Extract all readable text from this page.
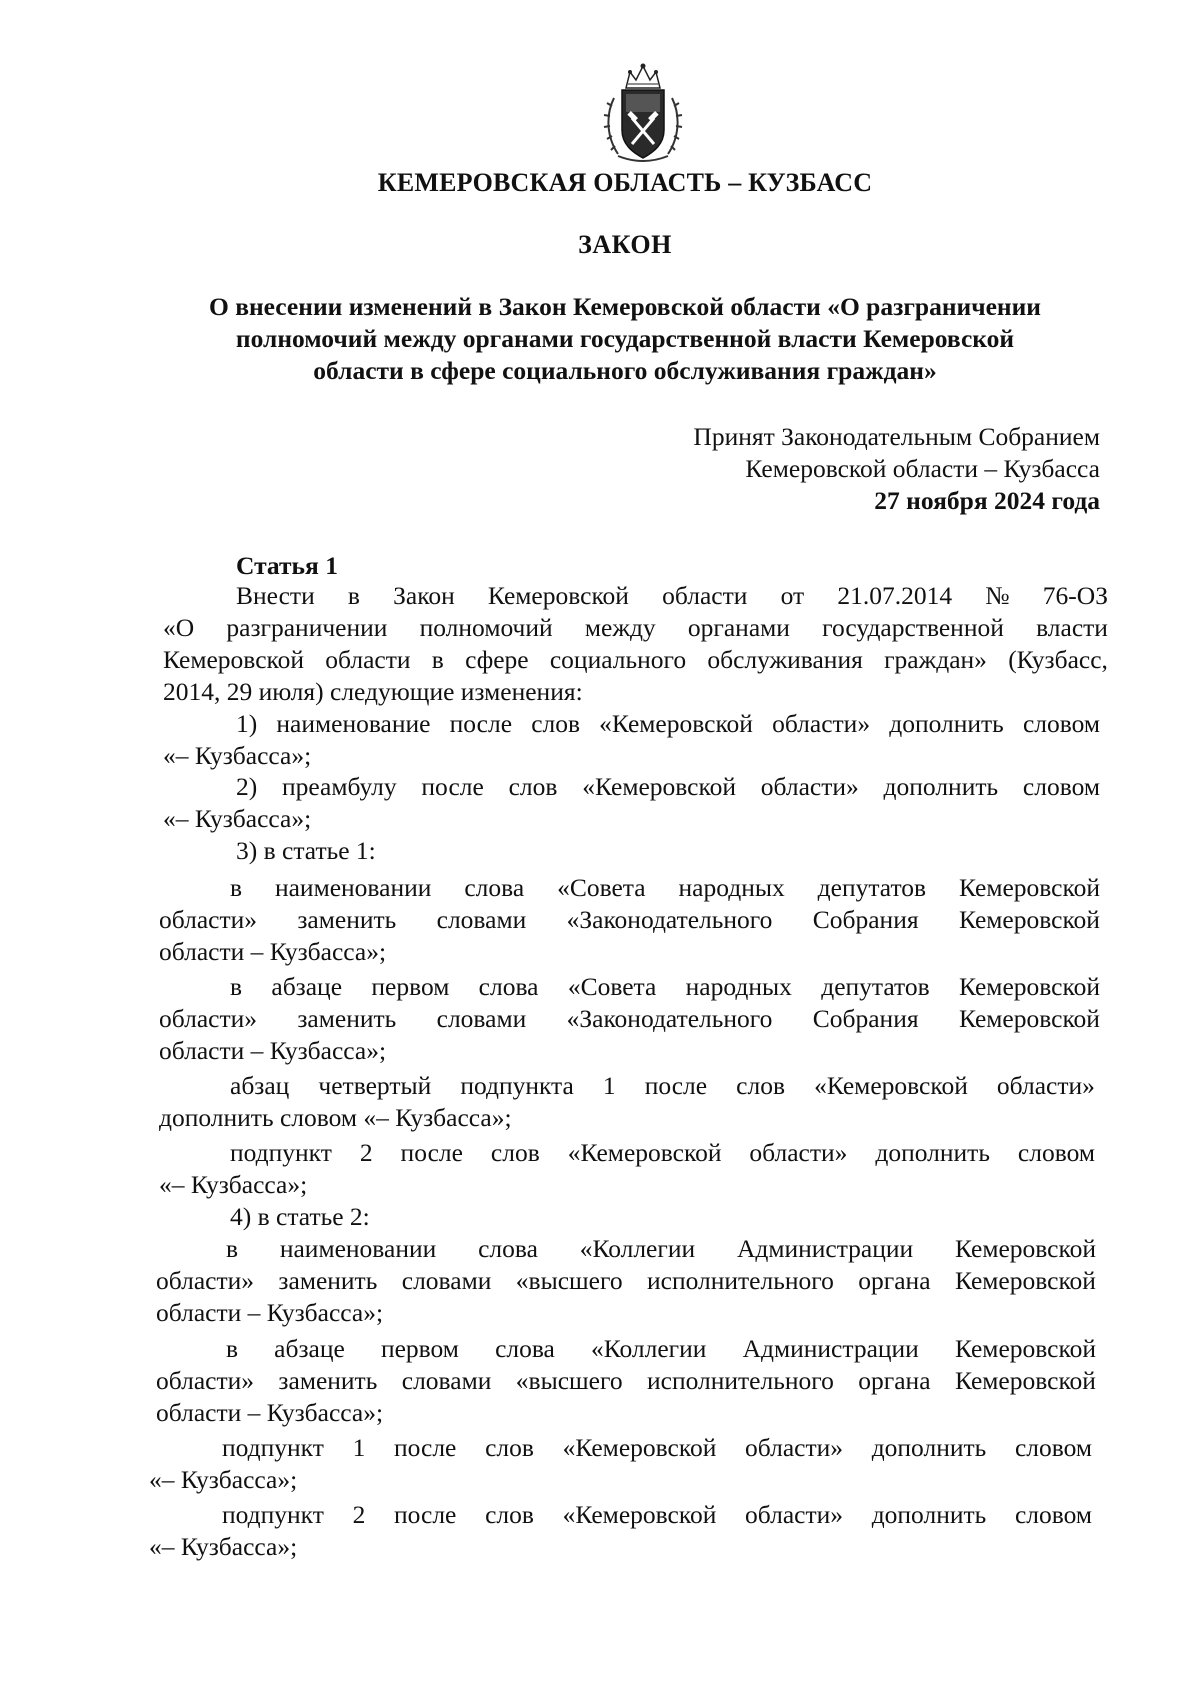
КЕМЕРОВСКАЯ ОБЛАСТЬ – КУЗБАСС
ЗАКОН
О внесении изменений в Закон Кемеровской области «О разграничении
полномочий между органами государственной власти Кемеровской
области в сфере социального обслуживания граждан»
Принят Законодательным Собранием
Кемеровской области – Кузбасса
27 ноября 2024 года
Статья 1
Внести в Закон Кемеровской области от 21.07.2014 № 76-ОЗ
«О разграничении полномочий между органами государственной власти
Кемеровской области в сфере социального обслуживания граждан» (Кузбасс,
2014, 29 июля) следующие изменения:
1) наименование после слов «Кемеровской области» дополнить словом
«– Кузбасса»;
2) преамбулу после слов «Кемеровской области» дополнить словом
«– Кузбасса»;
3) в статье 1:
в наименовании слова «Совета народных депутатов Кемеровской
области» заменить словами «Законодательного Собрания Кемеровской
области – Кузбасса»;
в абзаце первом слова «Совета народных депутатов Кемеровской
области» заменить словами «Законодательного Собрания Кемеровской
области – Кузбасса»;
абзац четвертый подпункта 1 после слов «Кемеровской области»
дополнить словом «– Кузбасса»;
подпункт 2 после слов «Кемеровской области» дополнить словом
«– Кузбасса»;
4) в статье 2:
в наименовании слова «Коллегии Администрации Кемеровской
области» заменить словами «высшего исполнительного органа Кемеровской
области – Кузбасса»;
в абзаце первом слова «Коллегии Администрации Кемеровской
области» заменить словами «высшего исполнительного органа Кемеровской
области – Кузбасса»;
подпункт 1 после слов «Кемеровской области» дополнить словом
«– Кузбасса»;
подпункт 2 после слов «Кемеровской области» дополнить словом
«– Кузбасса»;
